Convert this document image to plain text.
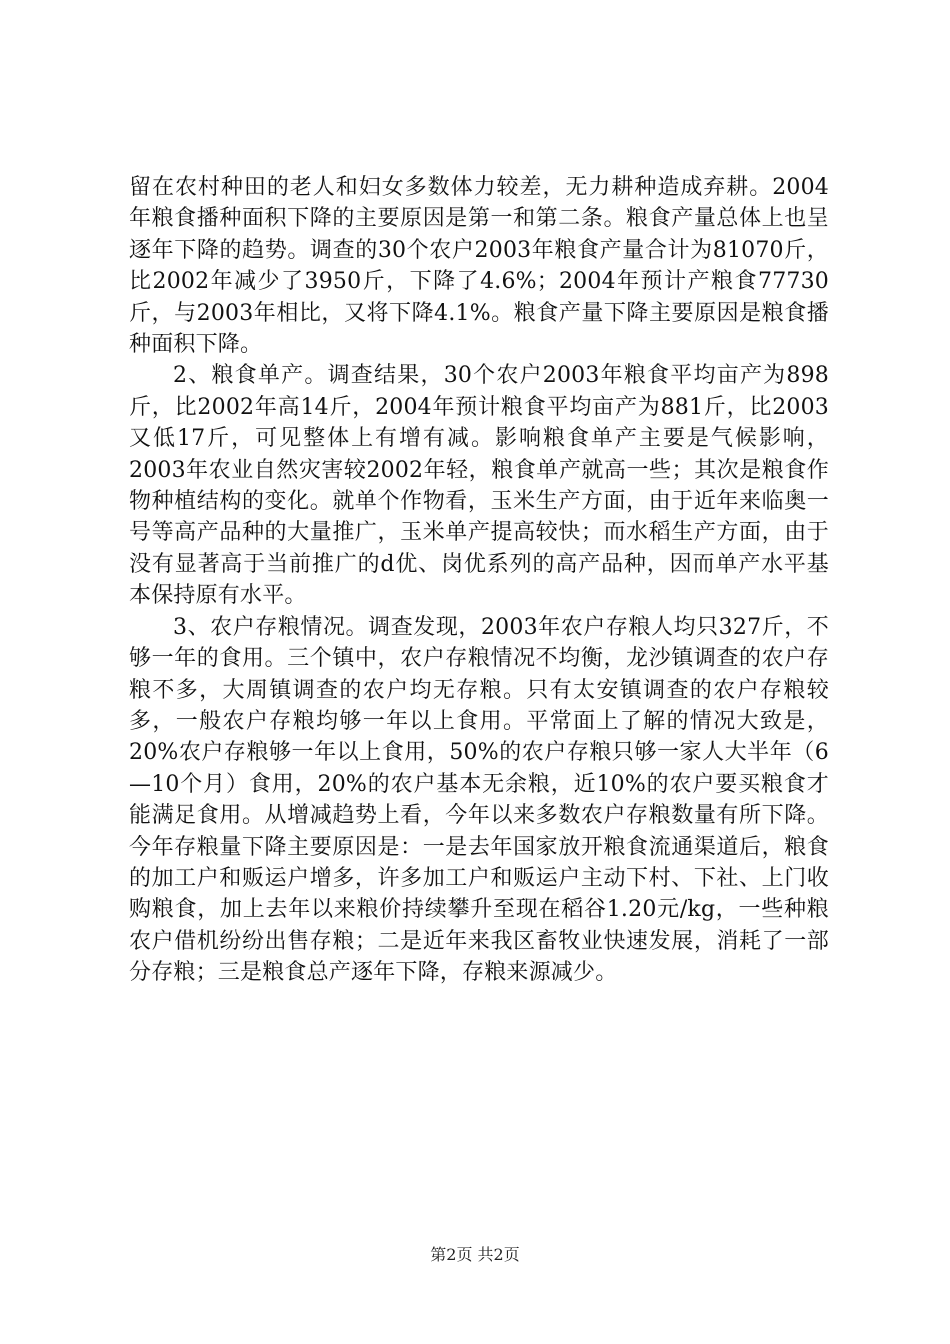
留在农村种田的老人和妇女多数体力较差，无力耕种造成弃耕。2004年粮食播种面积下降的主要原因是第一和第二条。粮食产量总体上也呈逐年下降的趋势。调查的30个农户2003年粮食产量合计为81070斤，比2002年减少了3950斤，下降了4.6%；2004年预计产粮食77730斤，与2003年相比，又将下降4.1%。粮食产量下降主要原因是粮食播种面积下降。

2、粮食单产。调查结果，30个农户2003年粮食平均亩产为898斤，比2002年高14斤，2004年预计粮食平均亩产为881斤，比2003又低17斤，可见整体上有增有减。影响粮食单产主要是气候影响，2003年农业自然灾害较2002年轻，粮食单产就高一些；其次是粮食作物种植结构的变化。就单个作物看，玉米生产方面，由于近年来临奥一号等高产品种的大量推广，玉米单产提高较快；而水稻生产方面，由于没有显著高于当前推广的d优、岗优系列的高产品种，因而单产水平基本保持原有水平。

3、农户存粮情况。调查发现，2003年农户存粮人均只327斤，不够一年的食用。三个镇中，农户存粮情况不均衡，龙沙镇调查的农户存粮不多，大周镇调查的农户均无存粮。只有太安镇调查的农户存粮较多，一般农户存粮均够一年以上食用。平常面上了解的情况大致是，20%农户存粮够一年以上食用，50%的农户存粮只够一家人大半年（6—10个月）食用，20%的农户基本无余粮，近10%的农户要买粮食才能满足食用。从增减趋势上看，今年以来多数农户存粮数量有所下降。今年存粮量下降主要原因是：一是去年国家放开粮食流通渠道后，粮食的加工户和贩运户增多，许多加工户和贩运户主动下村、下社、上门收购粮食，加上去年以来粮价持续攀升至现在稻谷1.20元/kg，一些种粮农户借机纷纷出售存粮；二是近年来我区畜牧业快速发展，消耗了一部分存粮；三是粮食总产逐年下降，存粮来源减少。

第2页 共2页
